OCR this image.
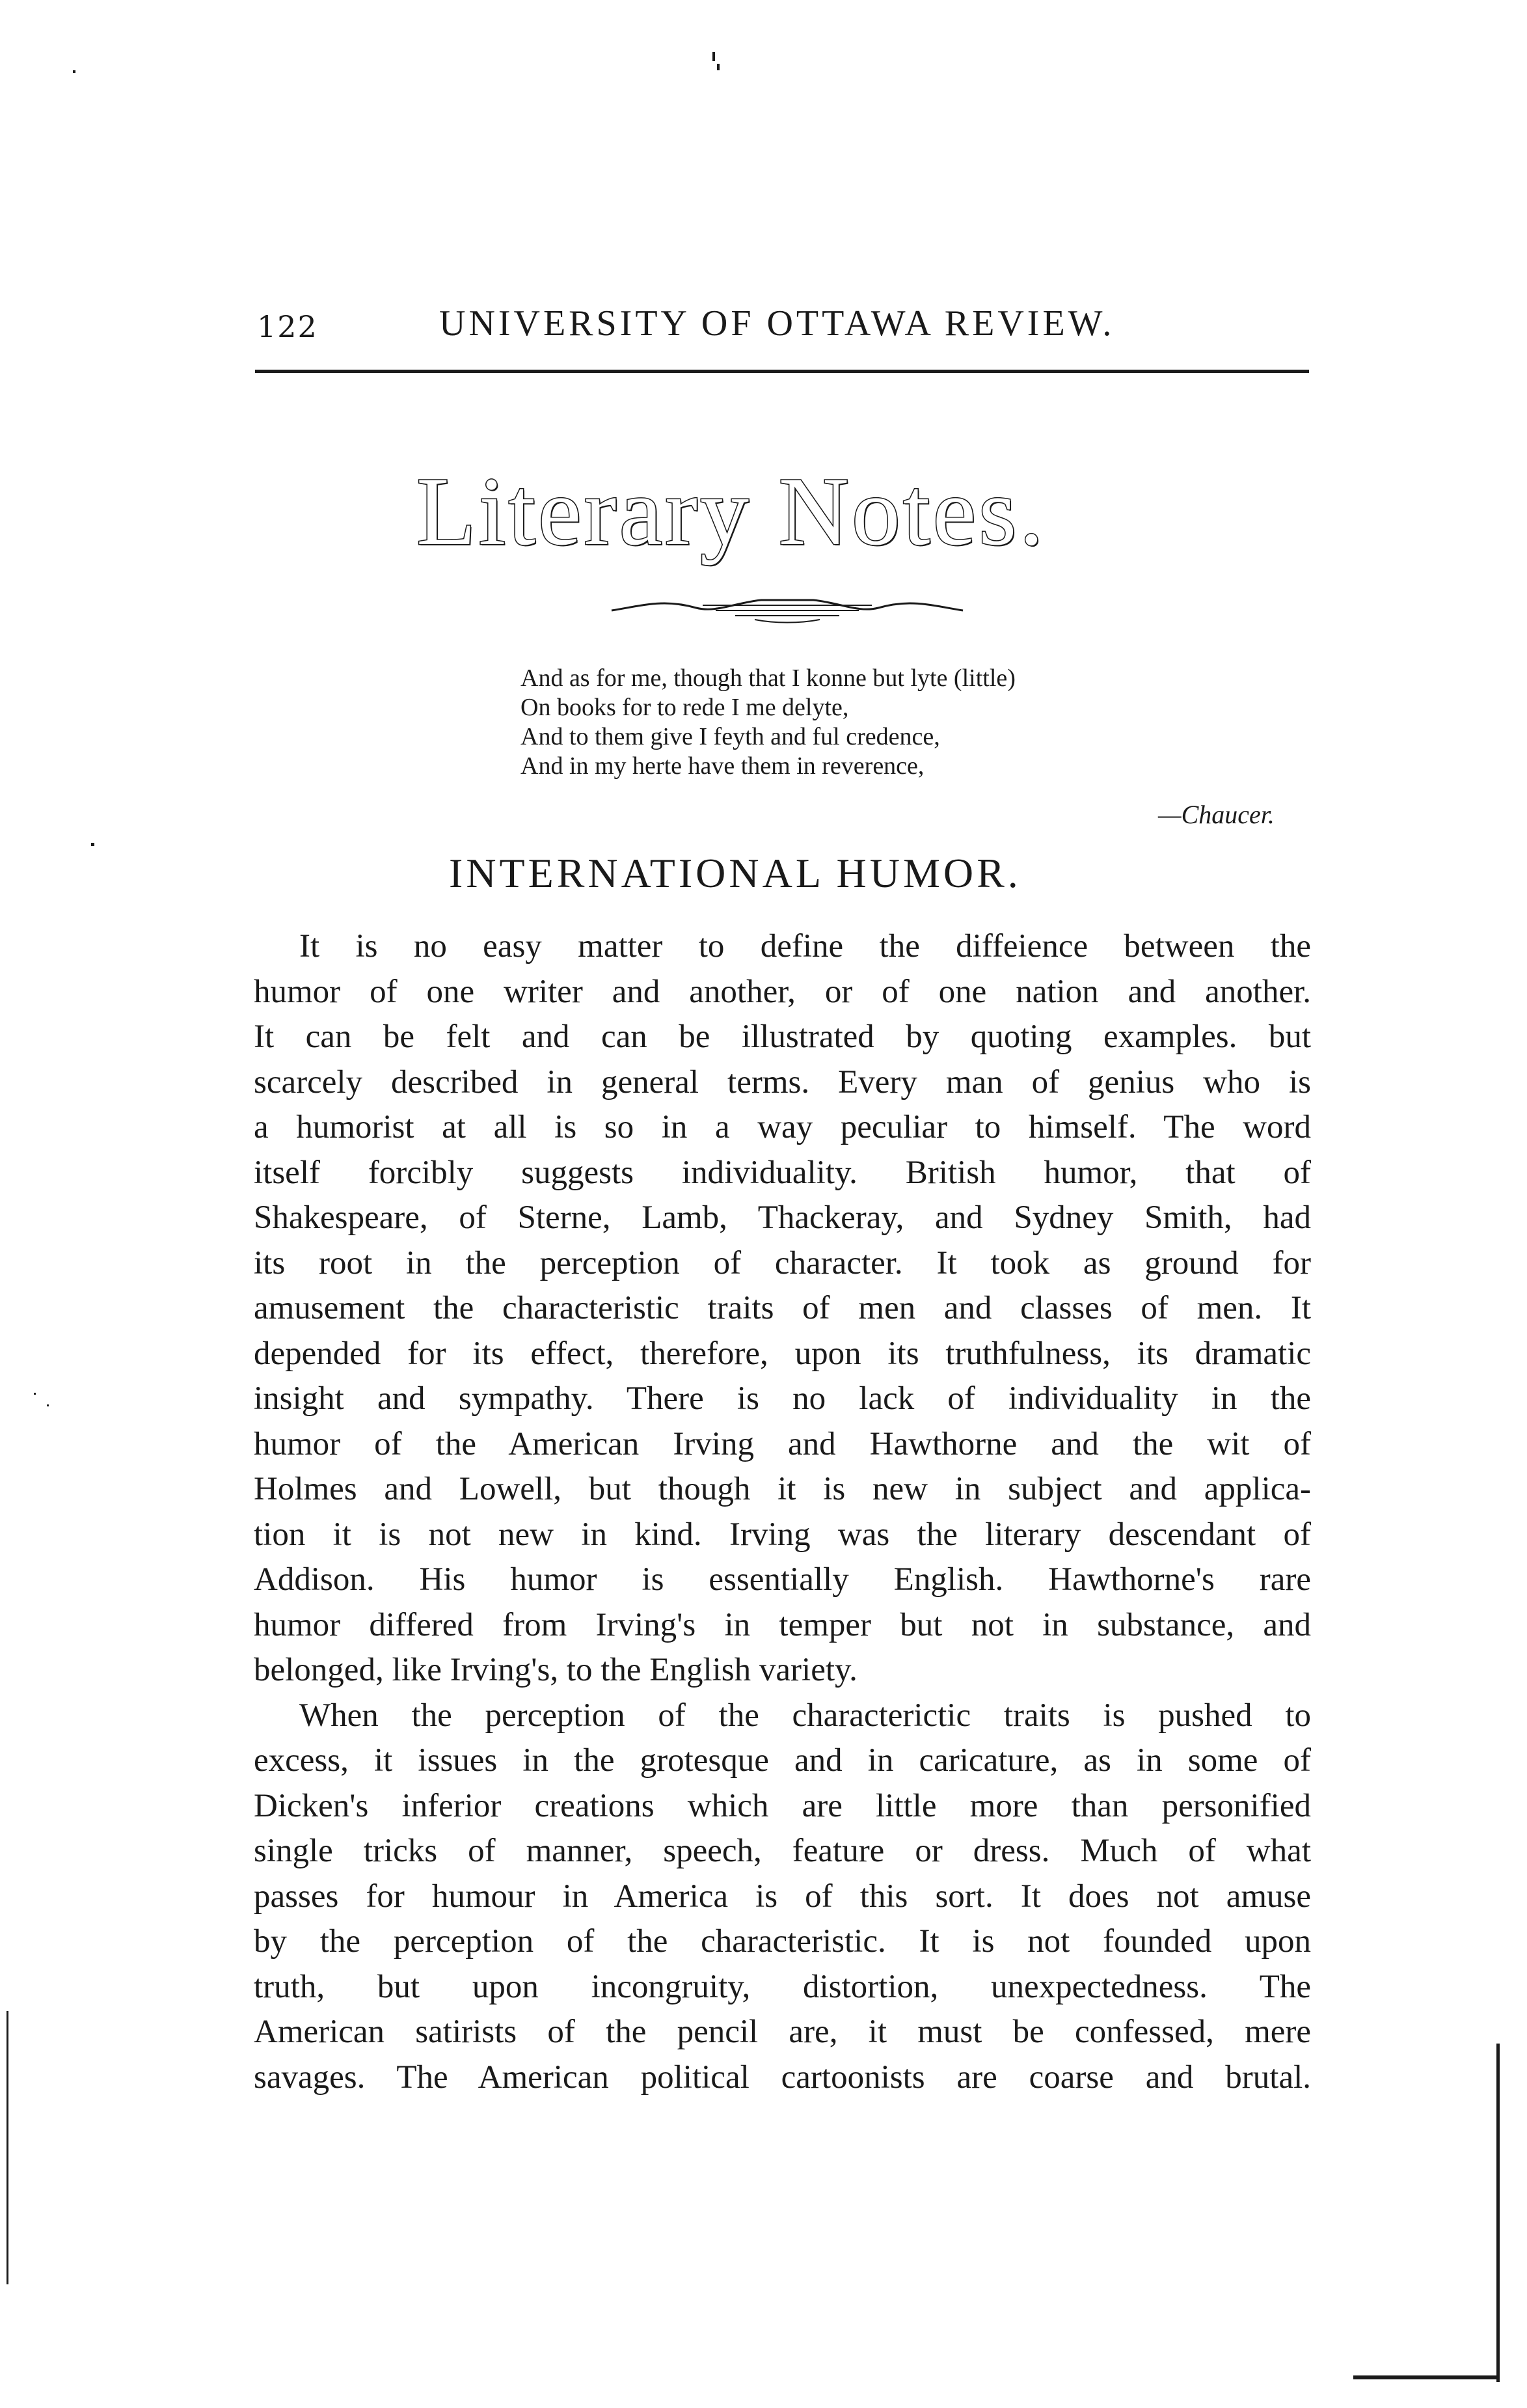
122	UNIVERSITY OF OTTAWA REVIEW.
Literary Notes.
And as for me, though that I konne but lyte (little)
On books for to rede I me delyte,
And to them give I feyth and ful credence,
And in my herte have them in reverence,
—Chaucer.
INTERNATIONAL HUMOR.
It is no easy matter to define the diffeience between the
humor of one writer and another, or of one nation and another.
It can be felt and can be illustrated by quoting examples. but
scarcely described in general terms. Every man of genius who is
a humorist at all is so in a way peculiar to himself. The word
itself forcibly suggests individuality. British humor, that of
Shakespeare, of Sterne, Lamb, Thackeray, and Sydney Smith, had
its root in the perception of character. It took as ground for
amusement the characteristic traits of men and classes of men. It
depended for its effect, therefore, upon its truthfulness, its dramatic
insight and sympathy. There is no lack of individuality in the
humor of the American Irving and Hawthorne and the wit of
Holmes and Lowell, but though it is new in subject and applica-
tion it is not new in kind. Irving was the literary descendant of
Addison. His humor is essentially English. Hawthorne's rare
humor differed from Irving's in temper but not in substance, and
belonged, like Irving's, to the English variety.
When the perception of the characterictic traits is pushed to
excess, it issues in the grotesque and in caricature, as in some of
Dicken's inferior creations which are little more than personified
single tricks of manner, speech, feature or dress. Much of what
passes for humour in America is of this sort. It does not amuse
by the perception of the characteristic. It is not founded upon
truth, but upon incongruity, distortion, unexpectedness. The
American satirists of the pencil are, it must be confessed, mere
savages. The American political cartoonists are coarse and brutal.
